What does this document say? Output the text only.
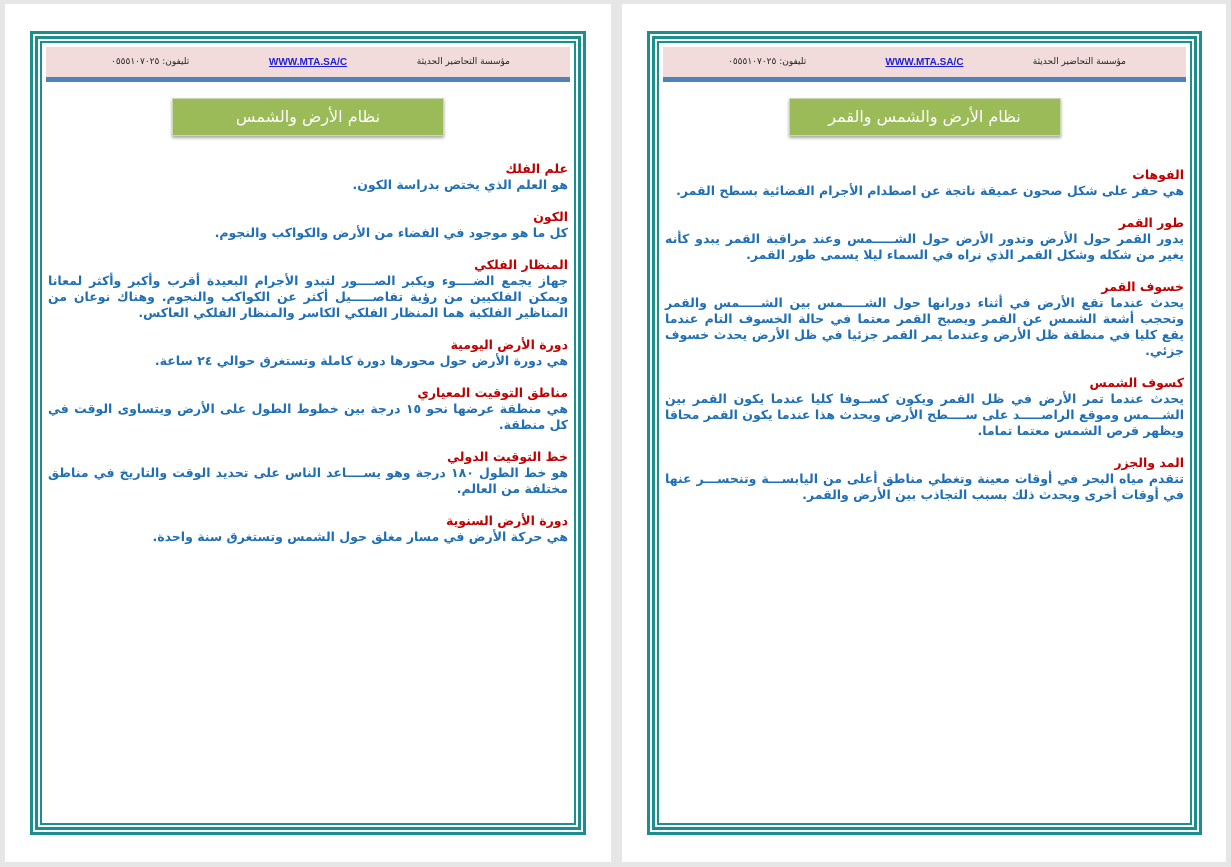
مؤسسة التحاضير الحديثة
WWW.MTA.SA/C
تليفون: ٠٥٥٥١٠٧٠٢٥
نظام الأرض والشمس
علم الفلك
هو العلم الذي يختص بدراسة الكون.
الكون
كل ما هو موجود في الفضاء من الأرض والكواكب والنجوم.
المنظار الفلكي
جهاز يجمع الضــــوء ويكبر الصــــور لتبدو الأجرام البعيدة أقرب وأكبر وأكثر لمعانا ويمكن الفلكيين من رؤية تفاصـــــيل أكثر عن الكواكب والنجوم. وهناك نوعان من المناظير الفلكية هما المنظار الفلكي الكاسر والمنظار الفلكي العاكس.
دورة الأرض اليومية
هي دورة الأرض حول محورها دورة كاملة وتستغرق حوالي ٢٤ ساعة.
مناطق التوقيت المعياري
هي منطقة عرضها نحو ١٥ درجة بين خطوط الطول على الأرض ويتساوى الوقت في كل منطقة.
خط التوقيت الدولي
هو خط الطول ١٨٠ درجة وهو يســــاعد الناس على تحديد الوقت والتاريخ في مناطق مختلفة من العالم.
دورة الأرض السنوية
هي حركة الأرض في مسار مغلق حول الشمس وتستغرق سنة واحدة.
مؤسسة التحاضير الحديثة
WWW.MTA.SA/C
تليفون: ٠٥٥٥١٠٧٠٢٥
نظام الأرض والشمس والقمر
الفوهات
هي حفر على شكل صحون عميقة ناتجة عن اصطدام الأجرام الفضائية بسطح القمر.
طور القمر
يدور القمر حول الأرض وتدور الأرض حول الشـــــمس وعند مراقبة القمر يبدو كأنه يغير من شكله وشكل القمر الذي نراه في السماء ليلا يسمى طور القمر.
خسوف القمر
يحدث عندما تقع الأرض في أثناء دورانها حول الشـــــمس بين الشـــــمس والقمر وتحجب أشعة الشمس عن القمر ويصبح القمر معتما في حالة الخسوف التام عندما يقع كليا في منطقة ظل الأرض وعندما يمر القمر جزئيا في ظل الأرض يحدث خسوف جزئي.
كسوف الشمس
يحدث عندما تمر الأرض في ظل القمر ويكون كســوفا كليا عندما يكون القمر بين الشـــمس وموقع الراصـــــد على ســــطح الأرض ويحدث هذا عندما يكون القمر محاقا ويظهر قرص الشمس معتما تماما.
المد والجزر
تتقدم مياه البحر في أوقات معينة وتغطي مناطق أعلى من اليابســـة وتنحســـر عنها في أوقات أخرى ويحدث ذلك بسبب التجاذب بين الأرض والقمر.
